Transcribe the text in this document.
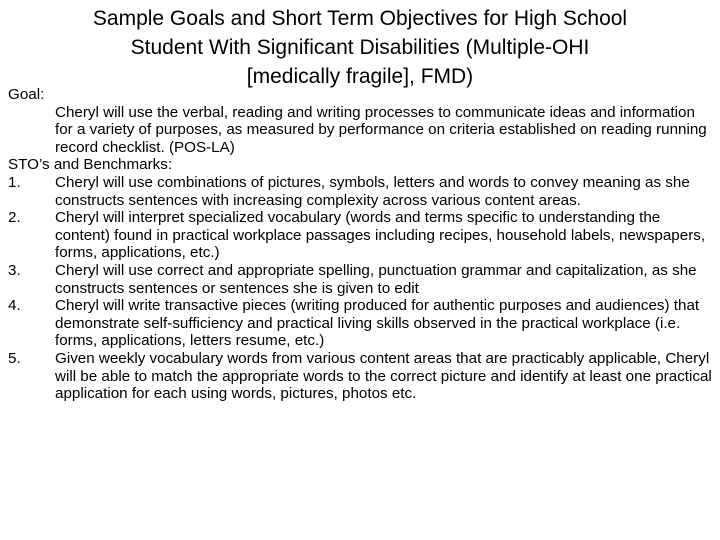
Sample Goals and Short Term Objectives for High School
Student With Significant Disabilities (Multiple-OHI
[medically fragile], FMD)

Goal:

Cheryl will use the verbal, reading and writing processes to communicate ideas and information for a variety of purposes, as measured by performance on criteria established on reading running record checklist. (POS-LA)

STO’s and Benchmarks:

1.	Cheryl will use combinations of pictures, symbols, letters and words to convey meaning as she constructs sentences with increasing complexity across various content areas.
2.	Cheryl will interpret specialized vocabulary (words and terms specific to understanding the content) found in practical workplace passages including recipes, household labels, newspapers, forms, applications, etc.)
3.	Cheryl will use correct and appropriate spelling, punctuation grammar and capitalization, as she constructs sentences or sentences she is given to edit
4.	Cheryl will write transactive pieces (writing produced for authentic purposes and audiences) that demonstrate self-sufficiency and practical living skills observed in the practical workplace (i.e. forms, applications, letters resume, etc.)
5.	Given weekly vocabulary words from various content areas that are practicably applicable, Cheryl will be able to match the appropriate words to the correct picture and identify at least one practical application for each using words, pictures, photos etc.
